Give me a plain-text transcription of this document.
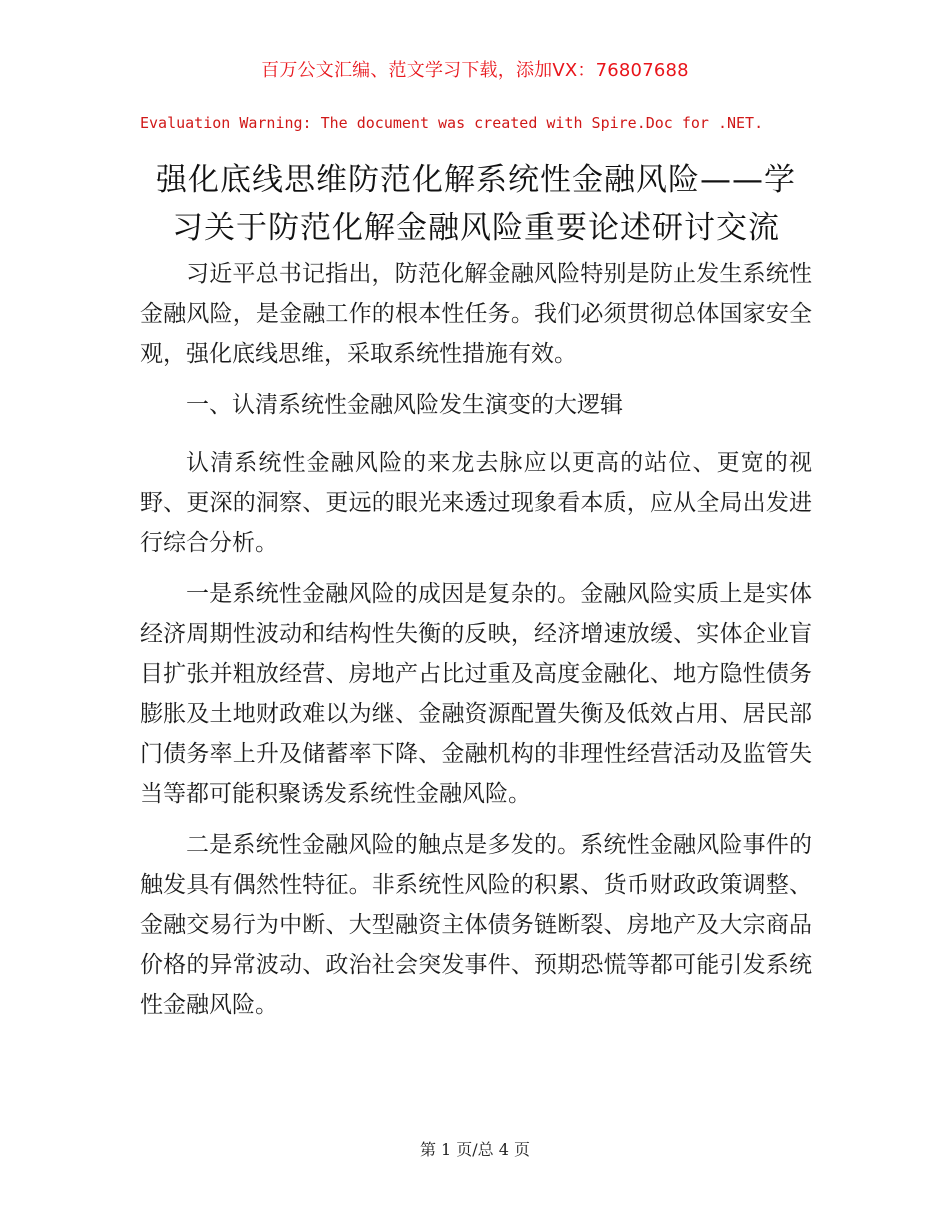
百万公文汇编、范文学习下载，添加VX：76807688
Evaluation Warning: The document was created with Spire.Doc for .NET.
强化底线思维防范化解系统性金融风险——学
习关于防范化解金融风险重要论述研讨交流

习近平总书记指出，防范化解金融风险特别是防止发生系统性金融风险，是金融工作的根本性任务。我们必须贯彻总体国家安全观，强化底线思维，采取系统性措施有效。

一、认清系统性金融风险发生演变的大逻辑

认清系统性金融风险的来龙去脉应以更高的站位、更宽的视野、更深的洞察、更远的眼光来透过现象看本质，应从全局出发进行综合分析。

一是系统性金融风险的成因是复杂的。金融风险实质上是实体经济周期性波动和结构性失衡的反映，经济增速放缓、实体企业盲目扩张并粗放经营、房地产占比过重及高度金融化、地方隐性债务膨胀及土地财政难以为继、金融资源配置失衡及低效占用、居民部门债务率上升及储蓄率下降、金融机构的非理性经营活动及监管失当等都可能积聚诱发系统性金融风险。

二是系统性金融风险的触点是多发的。系统性金融风险事件的触发具有偶然性特征。非系统性风险的积累、货币财政政策调整、金融交易行为中断、大型融资主体债务链断裂、房地产及大宗商品价格的异常波动、政治社会突发事件、预期恐慌等都可能引发系统性金融风险。

第 1 页/总 4 页
